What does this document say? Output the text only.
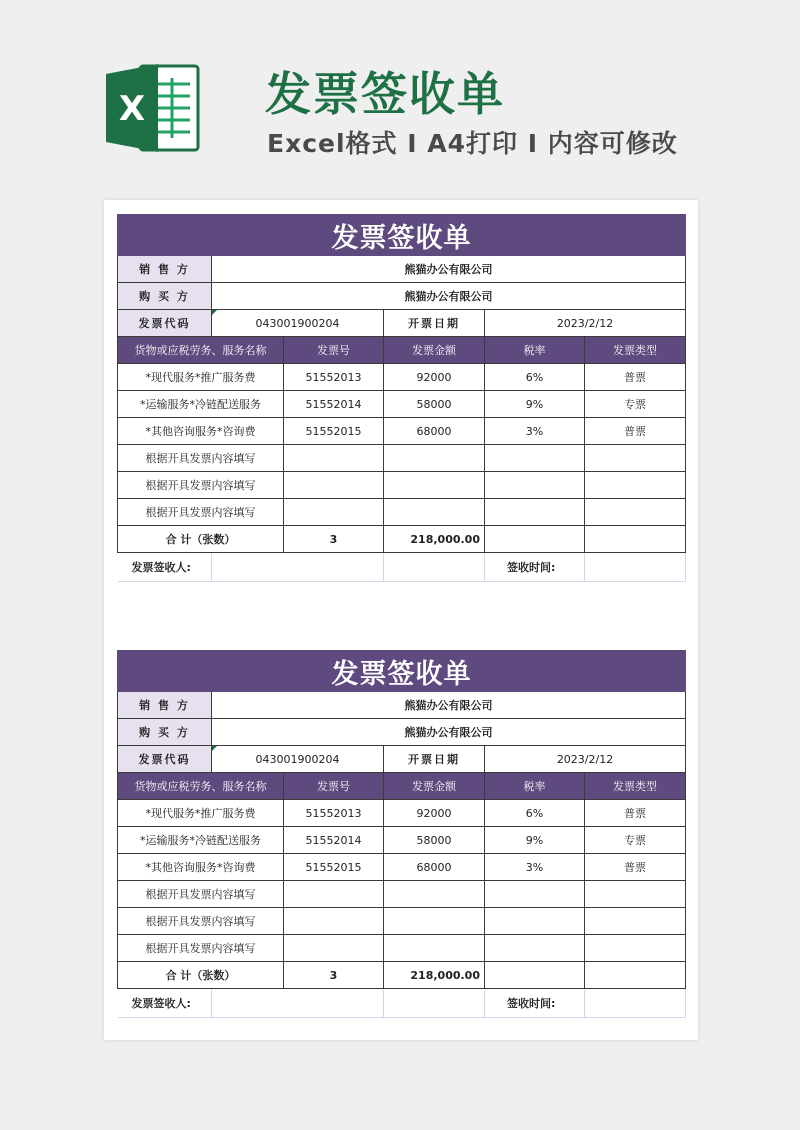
X	发票签收单
Excel格式 I A4打印 I 内容可修改
发票签收单					
销 售 方	熊猫办公有限公司				
购 买 方	熊猫办公有限公司				
发票代码	043001900204		开票日期	2023/2/12	
货物或应税劳务、服务名称		发票号	发票金额	税率	发票类型
*现代服务*推广服务费		51552013	92000	6%	普票
*运输服务*冷链配送服务		51552014	58000	9%	专票
*其他咨询服务*咨询费		51552015	68000	3%	普票
根据开具发票内容填写					
根据开具发票内容填写					
根据开具发票内容填写					
合 计（张数）		3	218,000.00		
发票签收人:				签收时间:	
发票签收单					
销 售 方	熊猫办公有限公司				
购 买 方	熊猫办公有限公司				
发票代码	043001900204		开票日期	2023/2/12	
货物或应税劳务、服务名称		发票号	发票金额	税率	发票类型
*现代服务*推广服务费		51552013	92000	6%	普票
*运输服务*冷链配送服务		51552014	58000	9%	专票
*其他咨询服务*咨询费		51552015	68000	3%	普票
根据开具发票内容填写					
根据开具发票内容填写					
根据开具发票内容填写					
合 计（张数）		3	218,000.00		
发票签收人:				签收时间:	
